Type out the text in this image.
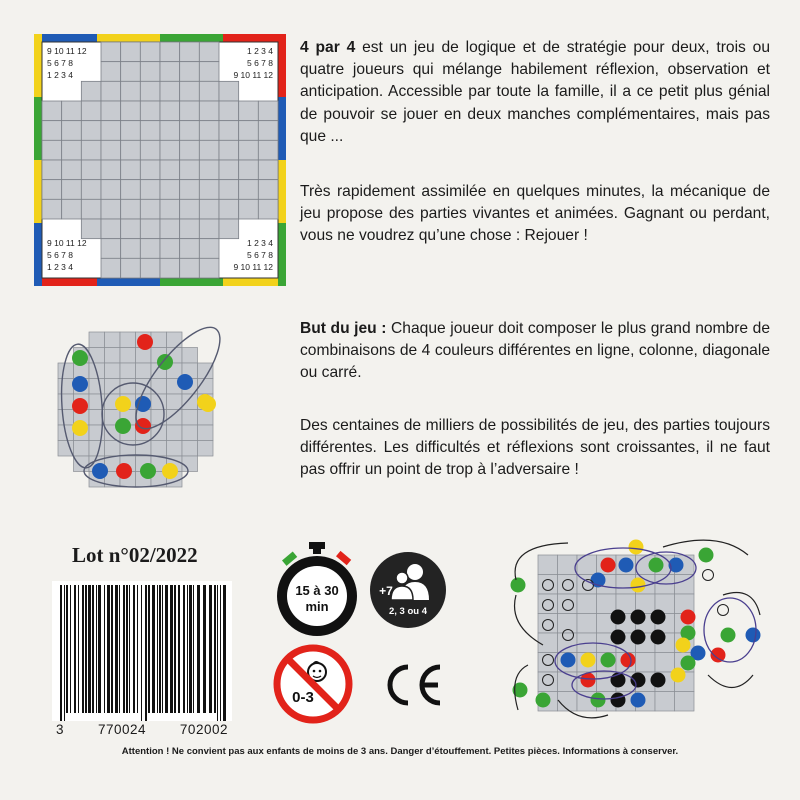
9 10 11 12
5 6 7 8
1 2 3 4
1 2 3 4
5 6 7 8
9 10 11 12
9 10 11 12
5 6 7 8
1 2 3 4
1 2 3 4
5 6 7 8
9 10 11 12
4 par 4 est un jeu de logique et de stratégie pour deux, trois ou quatre joueurs qui mélange habilement réflexion, observation et anticipation. Accessible par toute la famille, il a ce petit plus génial de pouvoir se jouer en deux manches complémentaires, mais pas que ...
Très rapidement assimilée en quelques minutes, la mécanique de jeu propose des parties vivantes et animées. Gagnant ou perdant, vous ne voudrez qu’une chose : Rejouer !
But du jeu : Chaque joueur doit composer le plus grand nombre de combinaisons de 4 couleurs différentes en ligne, colonne, diagonale ou carré.
Des centaines de milliers de possibilités de jeu, des parties toujours différentes. Les difficultés et réflexions sont croissantes, il ne faut pas offrir un point de trop à l’adversaire !
Lot n°02/2022
3	770024	702002
15 à 30
min
+7
2, 3 ou 4
0-3
Attention ! Ne convient pas aux enfants de moins de 3 ans. Danger d’étouffement. Petites pièces. Informations à conserver.
